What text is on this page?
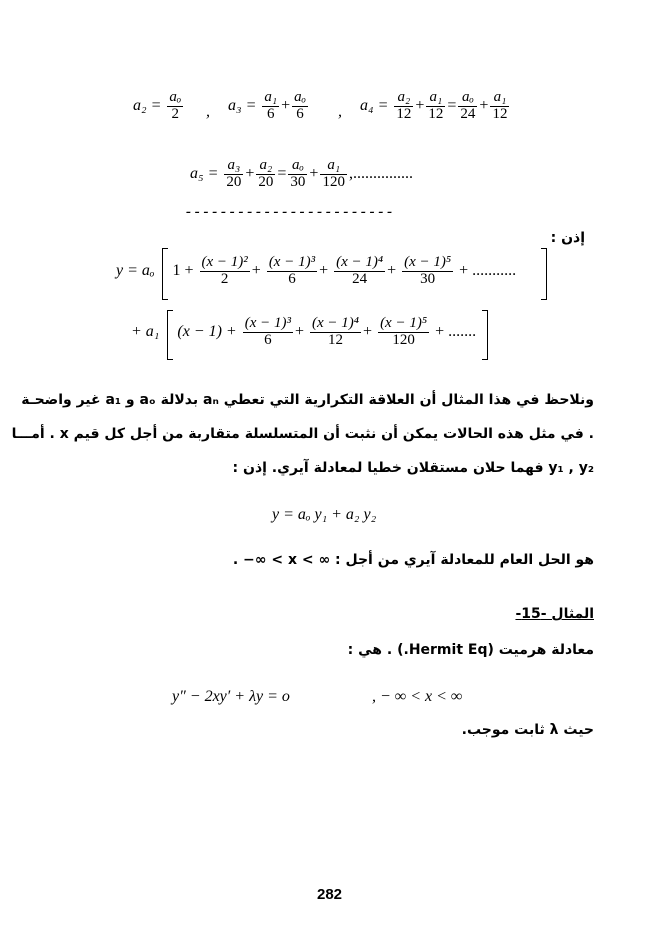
$a_2 = \frac{\text{aₒ}}{2}$ , $a_3 = \frac{\text{a₁}}{6} + \frac{\text{aₒ}}{6}$ , $a_4 = \frac{\text{a₂}}{12} + \frac{\text{a₁}}{12} = \frac{\text{aₒ}}{24} + \frac{\text{a₁}}{12}$
$a_5 = \frac{\text{a₃}}{20} + \frac{\text{a₂}}{20} = \frac{\text{aₒ}}{30} + \frac{\text{a₁}}{120}$ ,...............
- - - - - - - - - - - - - - - - - - - - - - - -
إذن :
y = aₒ $1 + \frac{\text{(x − 1)²}}{2} + \frac{\text{(x − 1)³}}{6} + \frac{\text{(x − 1)⁴}}{24} + \frac{\text{(x − 1)⁵}}{30}$ + ...........
+ a₁ $(x - 1) + \frac{\text{(x − 1)³}}{6} + \frac{\text{(x − 1)⁴}}{12} + \frac{\text{(x − 1)⁵}}{120}$ + .......
ونلاحظ في هذا المثال أن العلاقة التكرارية التي تعطي aₙ بدلالة aₒ و a₁ غير واضحـة
. في مثل هذه الحالات يمكن أن نثبت أن المتسلسلة متقاربة من أجل كل قيم x . أمـــا
y₁ , y₂ فهما حلان مستقلان خطيا لمعادلة آيري. إذن :
y = aₒ y₁ + a₂ y₂
هو الحل العام للمعادلة آيري من أجل : ∞ > x > ∞− .
المثال -15-
معادلة هرميت (Hermit Eq.) . هي :
y″ − 2xy′ + λy = o	, − ∞ < x < ∞
حيث λ ثابت موجب.
282
